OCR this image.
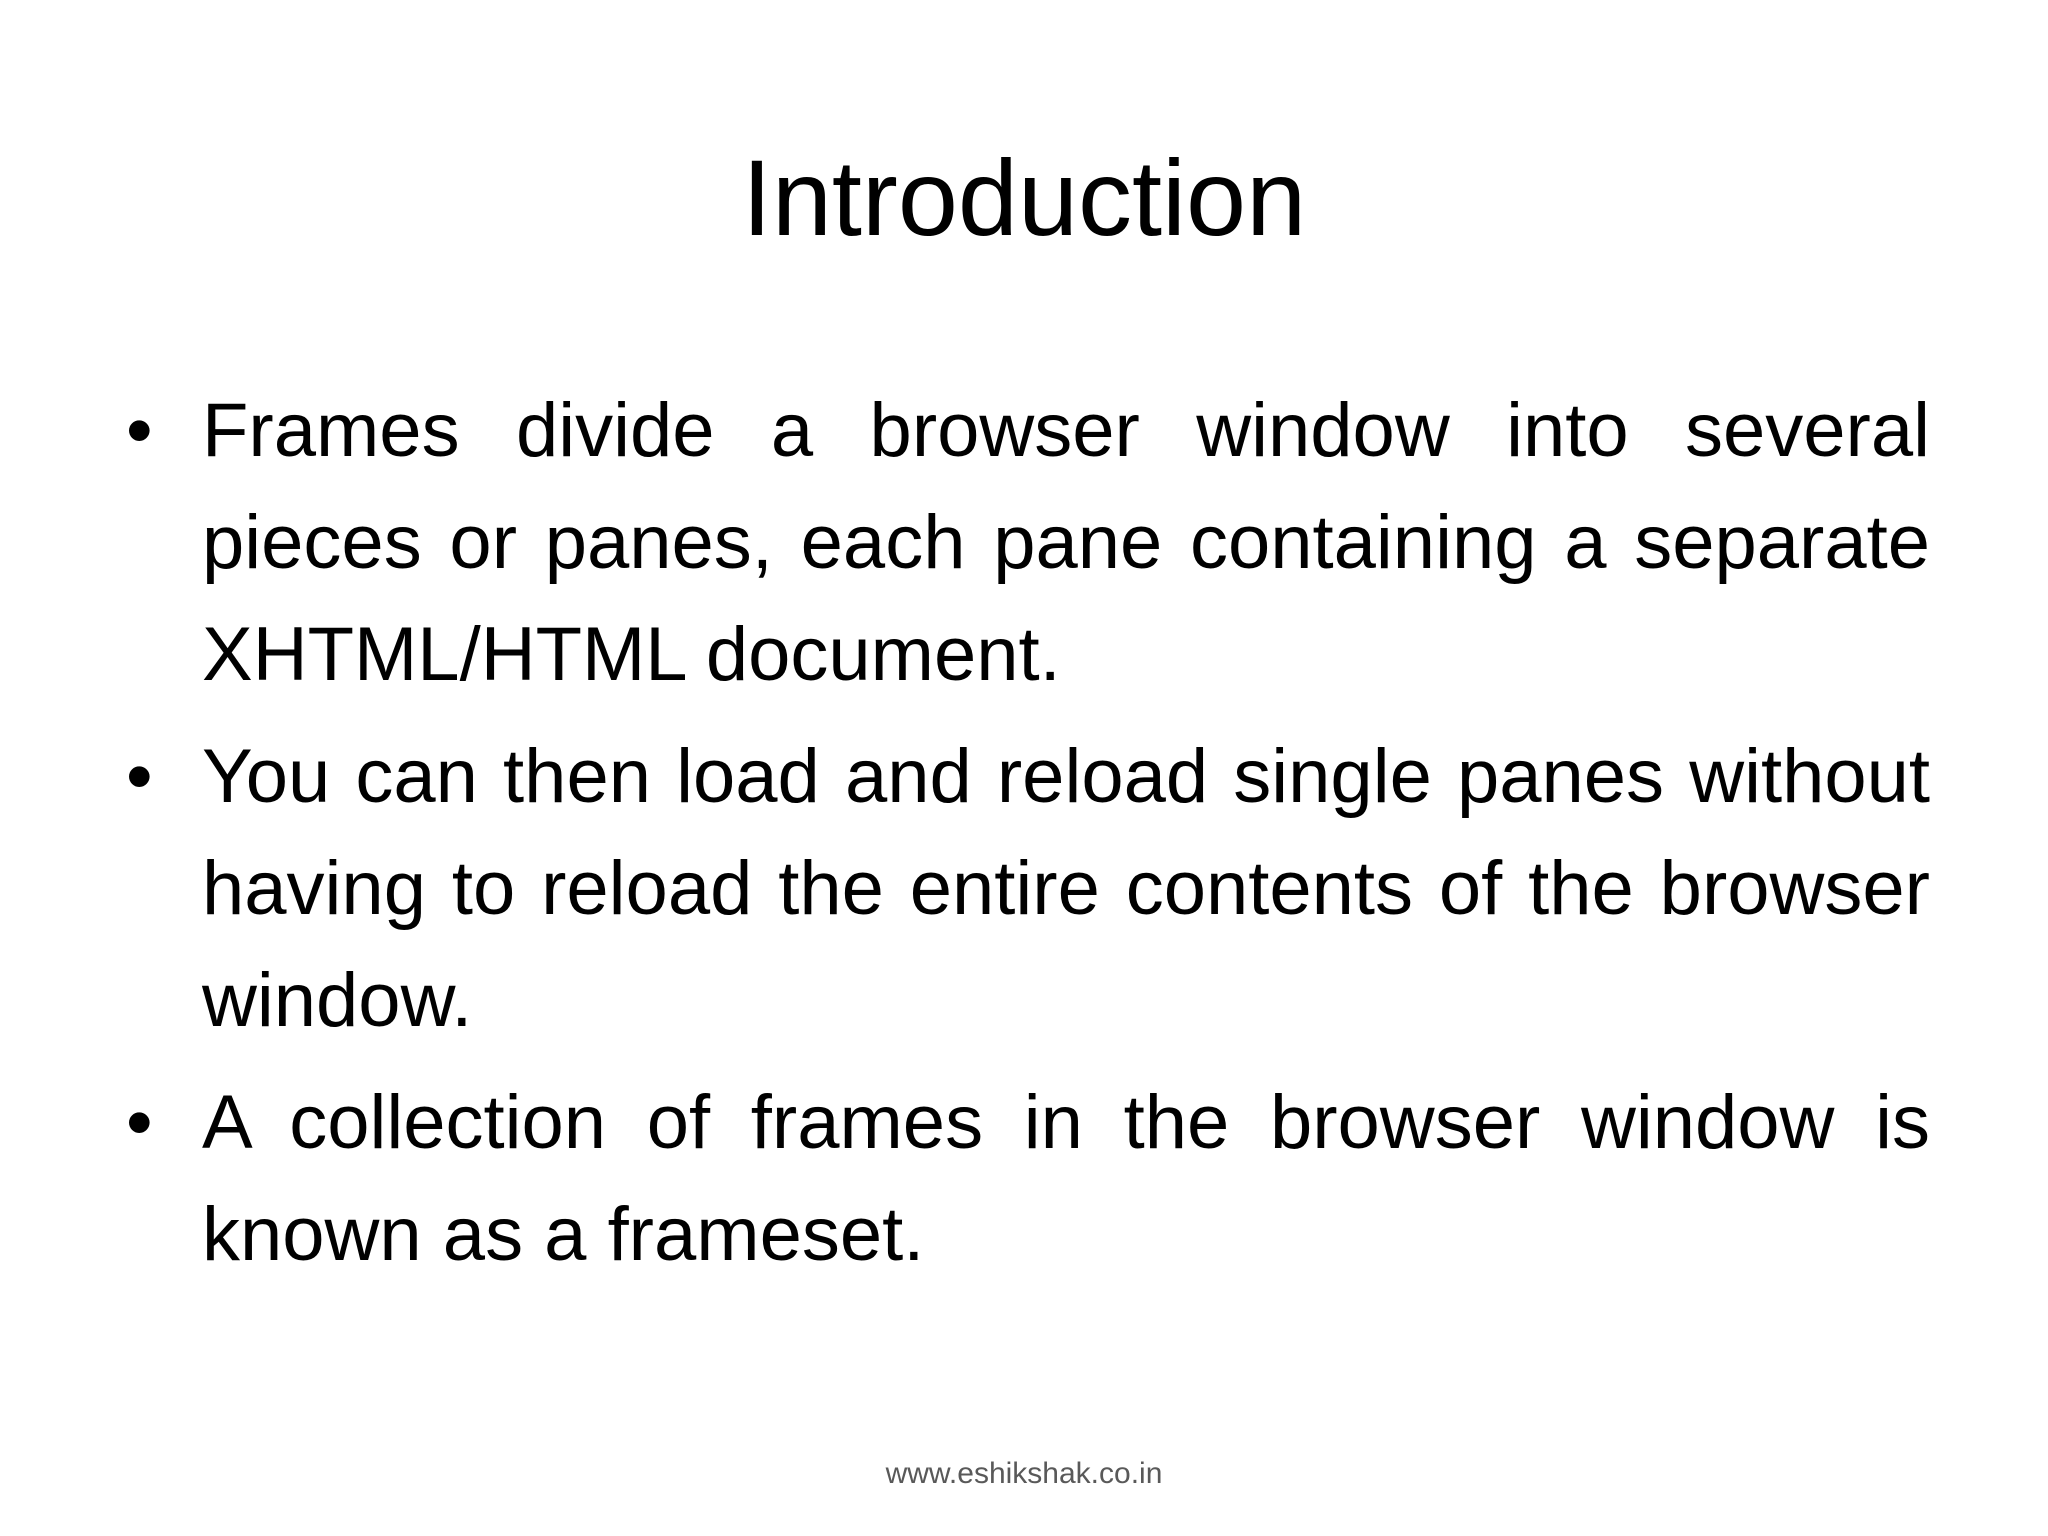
Introduction
• Frames divide a browser window into several pieces or panes, each pane containing a separate XHTML/HTML document.
• You can then load and reload single panes without having to reload the entire contents of the browser window.
• A collection of frames in the browser window is known as a frameset.
www.eshikshak.co.in
